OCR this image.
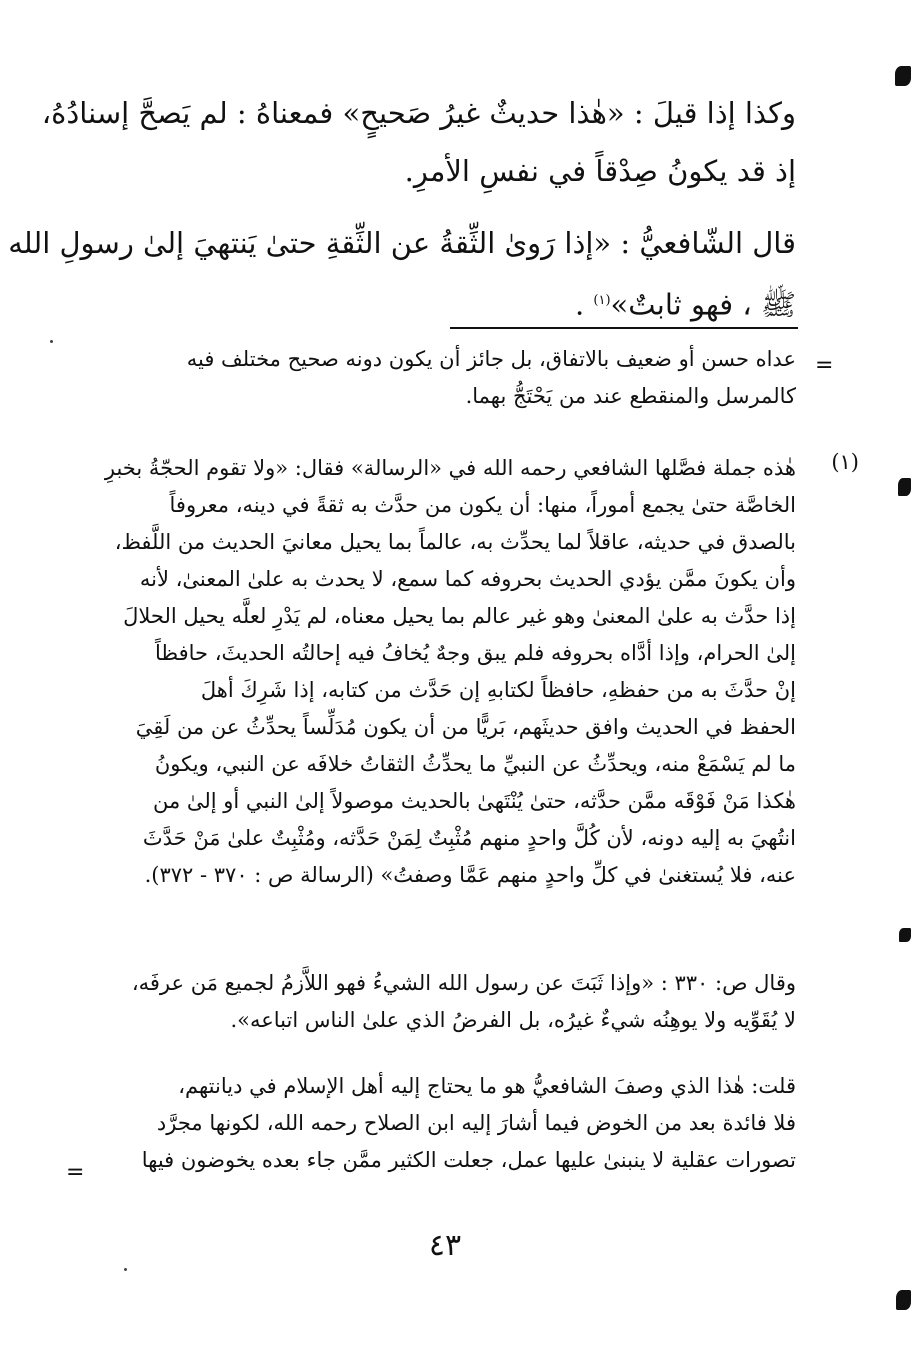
وكذا إذا قيلَ : «هٰذا حديثٌ غيرُ صَحيحٍ» فمعناهُ : لم يَصحَّ إسنادُهُ،
إذ قد يكونُ صِدْقاً في نفسِ الأمرِ.
قال الشّافعيُّ : «إذا رَوىٰ الثِّقةُ عن الثِّقةِ حتىٰ يَنتهيَ إلىٰ رسولِ الله
ﷺ ، فهو ثابتٌ»$^{(١)}$ .
=
عداه حسن أو ضعيف بالاتفاق، بل جائز أن يكون دونه صحيح مختلف فيه
كالمرسل والمنقطع عند من يَحْتَجُّ بهما.
(١)
هٰذه جملة فصَّلها الشافعي رحمه الله في «الرسالة» فقال: «ولا تقوم الحجّةُ بخبرِ
الخاصَّة حتىٰ يجمع أموراً، منها: أن يكون من حدَّث به ثقةً في دينه، معروفاً
بالصدق في حديثه، عاقلاً لما يحدِّث به، عالماً بما يحيل معانيَ الحديث من اللَّفظ،
وأن يكونَ ممَّن يؤدي الحديث بحروفه كما سمع، لا يحدث به علىٰ المعنىٰ، لأنه
إذا حدَّث به علىٰ المعنىٰ وهو غير عالم بما يحيل معناه، لم يَدْرِ لعلَّه يحيل الحلالَ
إلىٰ الحرام، وإذا أدَّاه بحروفه فلم يبق وجهٌ يُخافُ فيه إحالتُه الحديثَ، حافظاً
إنْ حدَّثَ به من حفظهِ، حافظاً لكتابهِ إن حَدَّث من كتابه، إذا شَرِكَ أهلَ
الحفظ في الحديث وافق حديثَهم، بَريًّا من أن يكون مُدَلِّساً يحدِّثُ عن من لَقِيَ
ما لم يَسْمَعْ منه، ويحدِّثُ عن النبيِّ ما يحدِّثُ الثقاتُ خلافَه عن النبي، ويكونُ
هٰكذا مَنْ فَوْقَه ممَّن حدَّثه، حتىٰ يُنْتَهىٰ بالحديث موصولاً إلىٰ النبي أو إلىٰ من
انتُهيَ به إليه دونه، لأن كُلَّ واحدٍ منهم مُثْبِتٌ لِمَنْ حَدَّثه، ومُثْبِتٌ علىٰ مَنْ حَدَّثَ
عنه، فلا يُستغنىٰ في كلِّ واحدٍ منهم عَمَّا وصفتُ» (الرسالة ص : ٣٧٠ - ٣٧٢).
وقال ص: ٣٣٠ : «وإذا ثَبَتَ عن رسول الله الشيءُ فهو اللاَّزمُ لجميع مَن عرفَه،
لا يُقَوِّيه ولا يوهِنُه شيءٌ غيرُه، بل الفرضُ الذي علىٰ الناس اتباعه».
قلت: هٰذا الذي وصفَ الشافعيُّ هو ما يحتاج إليه أهل الإسلام في ديانتهم،
فلا فائدة بعد من الخوض فيما أشارَ إليه ابن الصلاح رحمه الله، لكونها مجرَّد
تصورات عقلية لا ينبنىٰ عليها عمل، جعلت الكثير ممَّن جاء بعده يخوضون فيها
=
٤٣
